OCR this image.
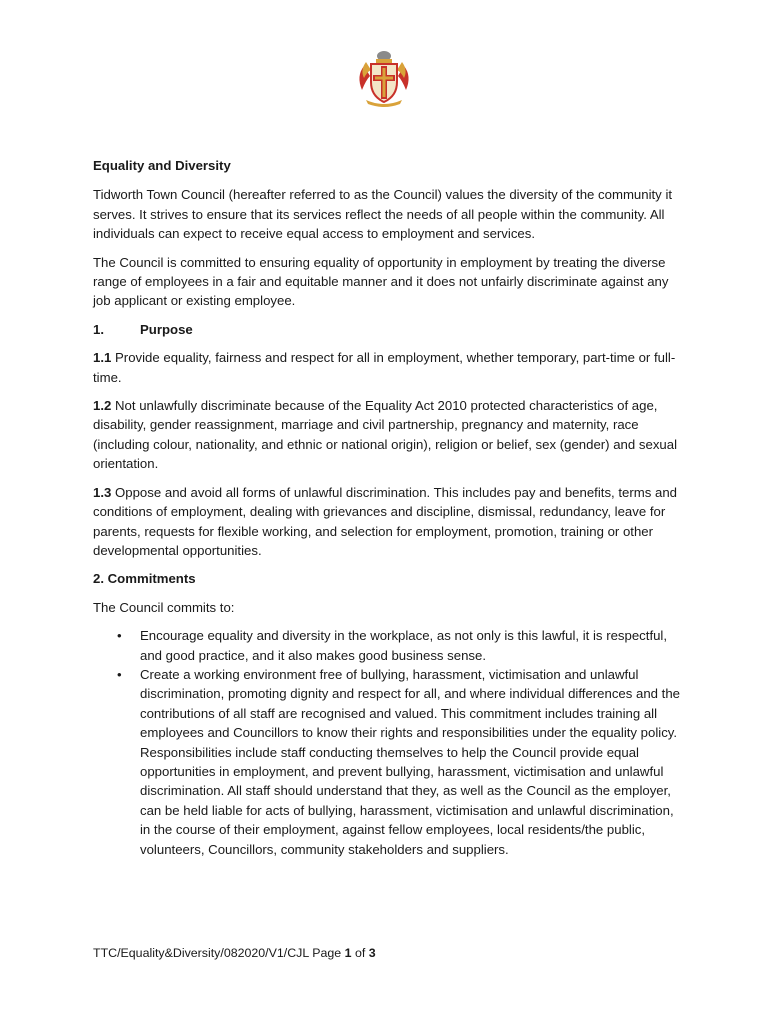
Equality and Diversity

Tidworth Town Council (hereafter referred to as the Council) values the diversity of the community it serves. It strives to ensure that its services reflect the needs of all people within the community. All individuals can expect to receive equal access to employment and services.

The Council is committed to ensuring equality of opportunity in employment by treating the diverse range of employees in a fair and equitable manner and it does not unfairly discriminate against any job applicant or existing employee.

1.	Purpose

1.1 Provide equality, fairness and respect for all in employment, whether temporary, part-time or full-time.

1.2 Not unlawfully discriminate because of the Equality Act 2010 protected characteristics of age, disability, gender reassignment, marriage and civil partnership, pregnancy and maternity, race (including colour, nationality, and ethnic or national origin), religion or belief, sex (gender) and sexual orientation.

1.3 Oppose and avoid all forms of unlawful discrimination. This includes pay and benefits, terms and conditions of employment, dealing with grievances and discipline, dismissal, redundancy, leave for parents, requests for flexible working, and selection for employment, promotion, training or other developmental opportunities.

2. Commitments

The Council commits to:

• Encourage equality and diversity in the workplace, as not only is this lawful, it is respectful, and good practice, and it also makes good business sense.
• Create a working environment free of bullying, harassment, victimisation and unlawful discrimination, promoting dignity and respect for all, and where individual differences and the contributions of all staff are recognised and valued. This commitment includes training all employees and Councillors to know their rights and responsibilities under the equality policy. Responsibilities include staff conducting themselves to help the Council provide equal opportunities in employment, and prevent bullying, harassment, victimisation and unlawful discrimination. All staff should understand that they, as well as the Council as the employer, can be held liable for acts of bullying, harassment, victimisation and unlawful discrimination, in the course of their employment, against fellow employees, local residents/the public, volunteers, Councillors, community stakeholders and suppliers.
TTC/Equality&Diversity/082020/V1/CJL Page 1 of 3
